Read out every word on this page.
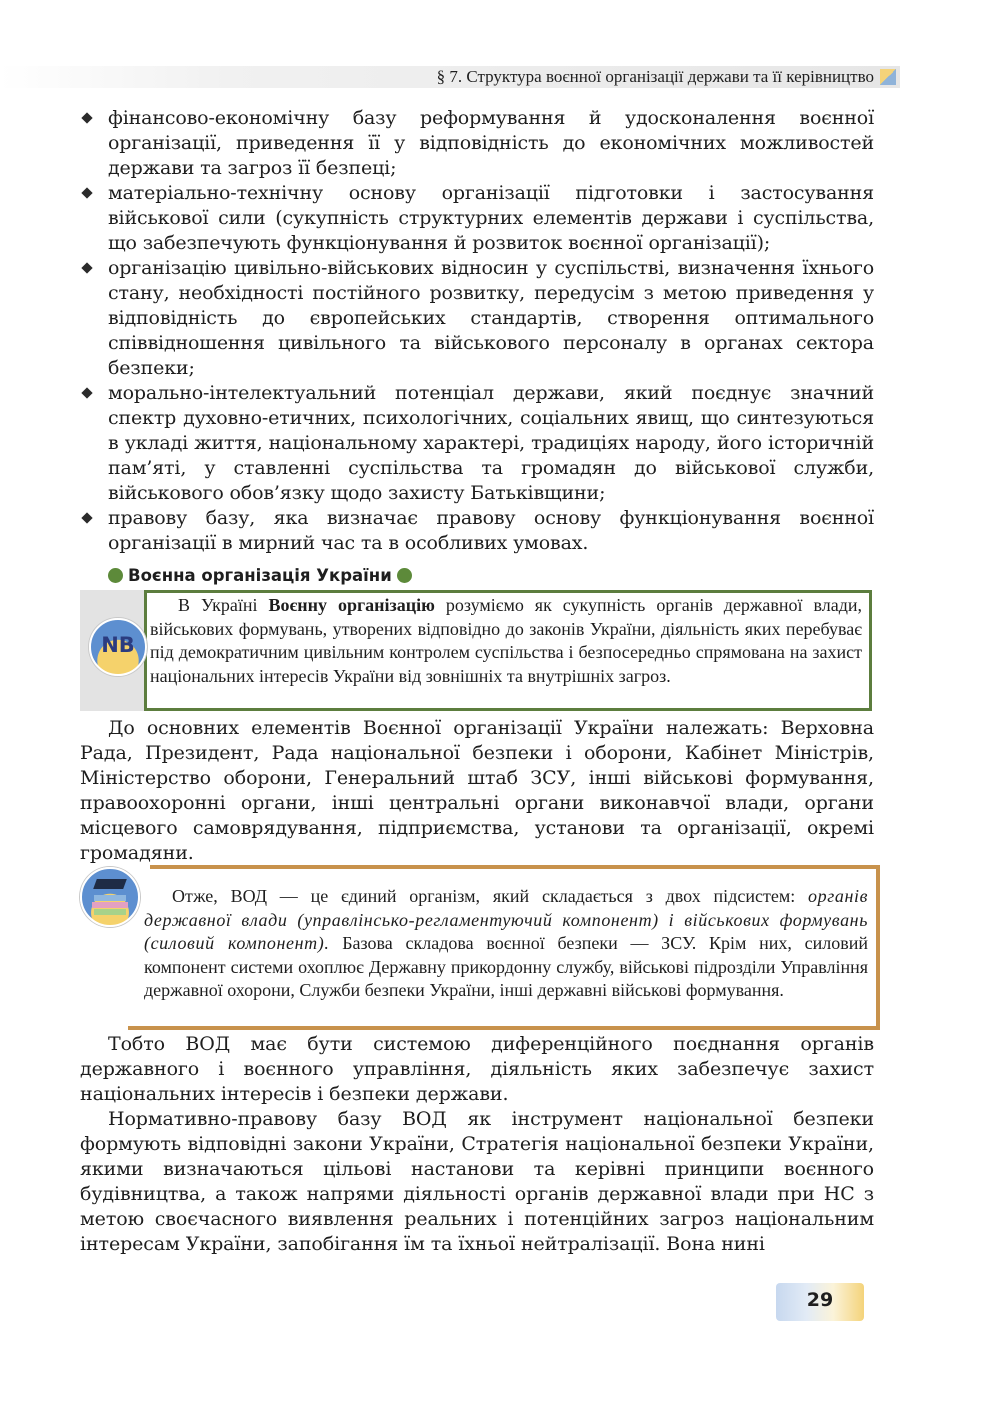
§ 7. Структура воєнної організації держави та її керівництво
фінансово-економічну базу реформування й удосконалення воєнної організації, приведення її у відповідність до економічних можливостей держави та загроз її безпеці;
матеріально-технічну основу організації підготовки і застосування військової сили (сукупність структурних елементів держави і суспільства, що забезпечують функціонування й розвиток воєнної організації);
організацію цивільно-військових відносин у суспільстві, визначення їхнього стану, необхідності постійного розвитку, передусім з метою приведення у відповідність до європейських стандартів, створення оптимального співвідношення цивільного та військового персоналу в органах сектора безпеки;
морально-інтелектуальний потенціал держави, який поєднує значний спектр духовно-етичних, психологічних, соціальних явищ, що синтезуються в укладі життя, національному характері, традиціях народу, його історичній пам’яті, у ставленні суспільства та громадян до військової служби, військового обов’язку щодо захисту Батьківщини;
правову базу, яка визначає правову основу функціонування воєнної організації в мирний час та в особливих умовах.
Воєнна організація України
NB
В Україні Воєнну організацію розуміємо як сукупність органів державної влади, військових формувань, утворених відповідно до законів України, діяльність яких перебуває під демократичним цивільним контролем суспільства і безпосередньо спрямована на захист національних інтересів України від зовнішніх та внутрішніх загроз.
До основних елементів Воєнної організації України належать: Верховна Рада, Президент, Рада національної безпеки і оборони, Кабінет Міністрів, Міністерство оборони, Генеральний штаб ЗСУ, інші військові формування, правоохоронні органи, інші центральні органи виконавчої влади, органи місцевого самоврядування, підприємства, установи та організації, окремі громадяни.
Отже, ВОД — це єдиний організм, який складається з двох підсистем: органів державної влади (управлінсько-регламентуючий компонент) і військових формувань (силовий компонент). Базова складова воєнної безпеки — ЗСУ. Крім них, силовий компонент системи охоплює Державну прикордонну службу, військові підрозділи Управління державної охорони, Служби безпеки України, інші державні військові формування.
Тобто ВОД має бути системою диференційного поєднання органів державного і воєнного управління, діяльність яких забезпечує захист національних інтересів і безпеки держави.
Нормативно-правову базу ВОД як інструмент національної безпеки формують відповідні закони України, Стратегія національної безпеки України, якими визначаються цільові настанови та керівні принципи воєнного будівництва, а також напрями діяльності органів державної влади при НС з метою своєчасного виявлення реальних і потенційних загроз національним інтересам України, запобігання їм та їхньої нейтралізації. Вона нині
29
